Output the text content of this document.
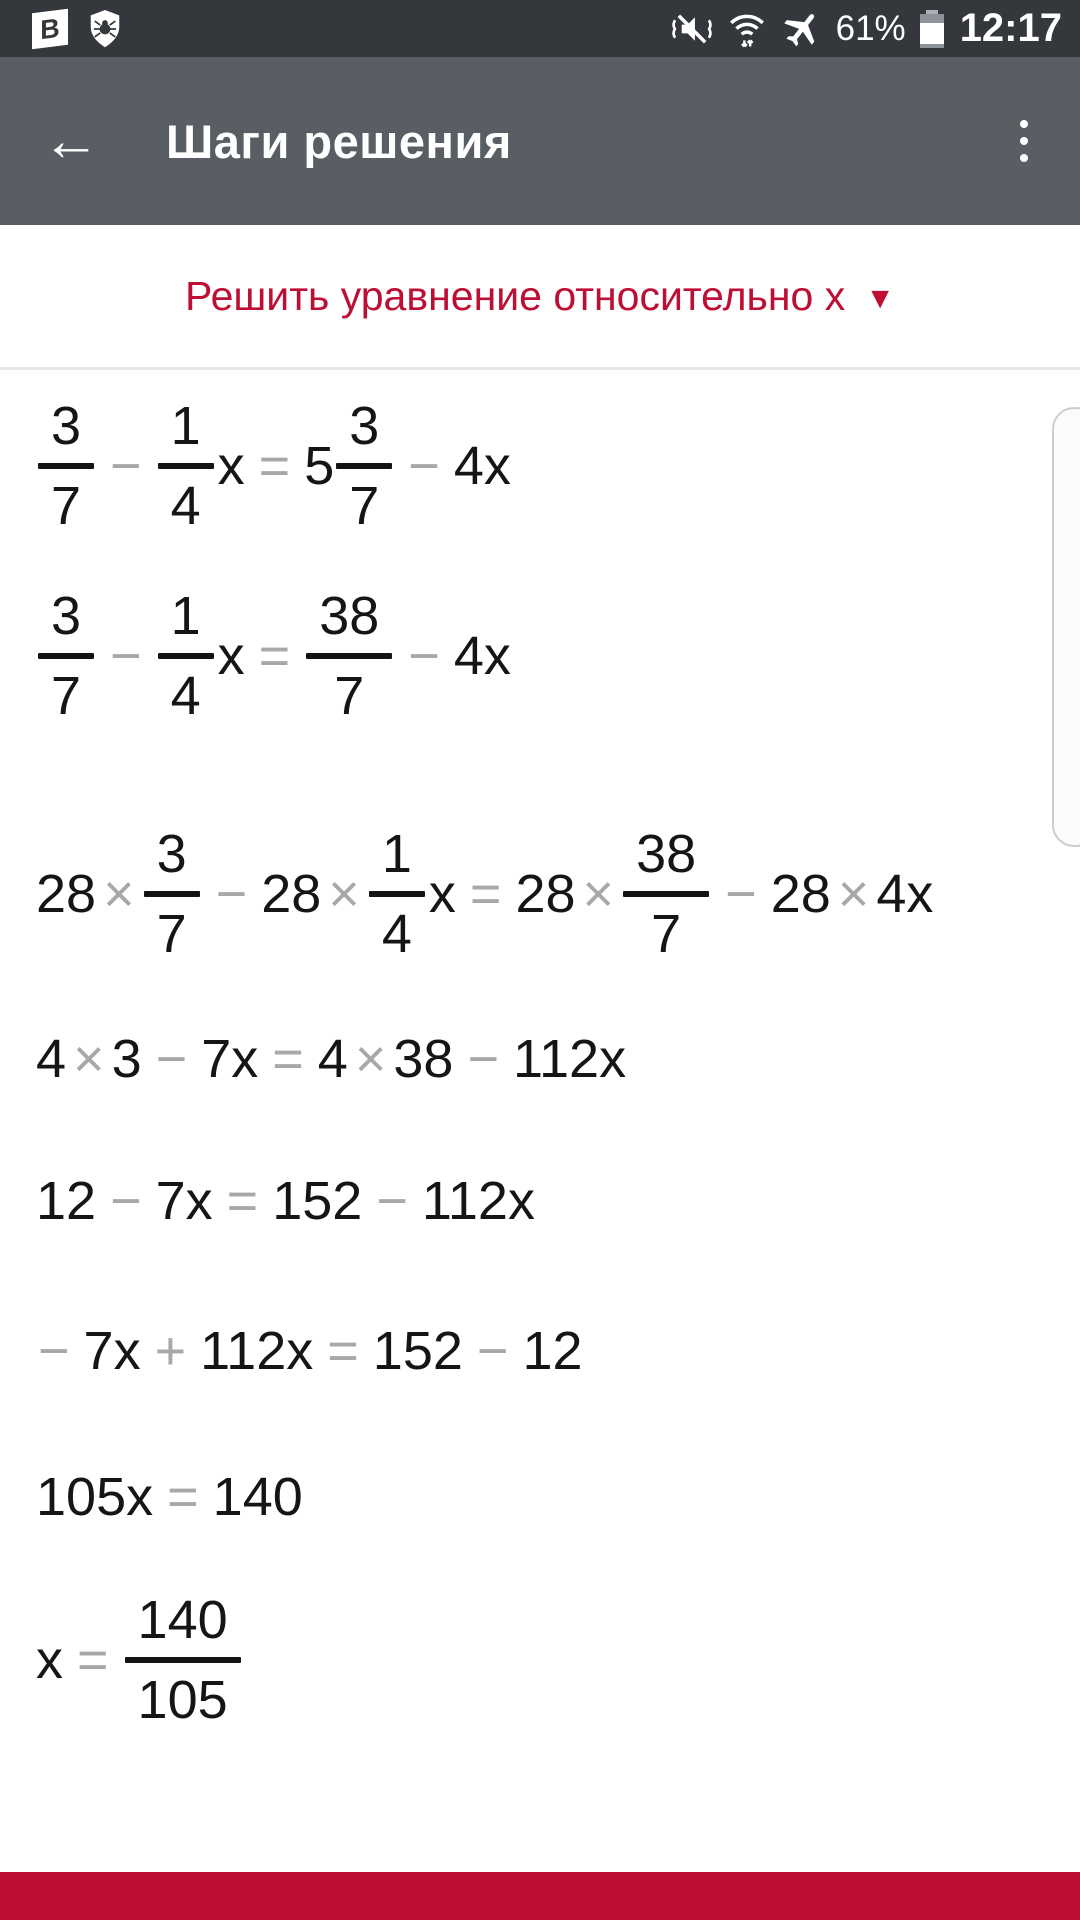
B	61% 12:17
← Шаги решения
Решить уравнение относительно x ▼
3
7
−
1
4
x = 5
3
7
− 4x
3
7
−
1
4
x =
38
7
− 4x
28 ×
3
7
− 28 ×
1
4
x = 28 ×
38
7
− 28 × 4x
4 × 3 − 7x = 4 × 38 − 112x
12 − 7x = 152 − 112x
− 7x + 112x = 152 − 12
105x = 140
x =
140
105
